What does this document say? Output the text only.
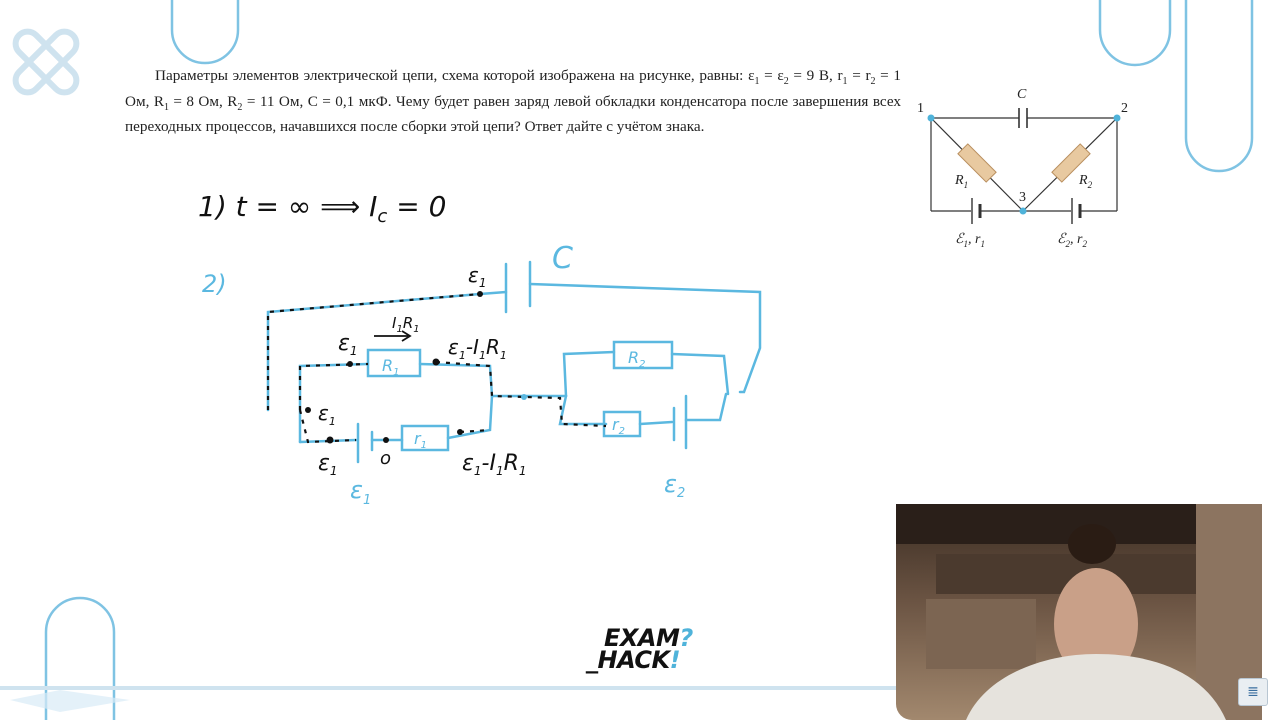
Параметры элементов электрической цепи, схема которой изображена на рисунке, равны: $\varepsilon_1 = \varepsilon_2 = 9$ В, $r_1 = r_2 = 1$ Ом, $R_1 = 8$ Ом, $R_2 = 11$ Ом, C = 0,1 мкФ. Чему будет равен заряд левой обкладки конденсатора после завершения всех переходных процессов, начавшихся после сборки этой цепи? Ответ дайте с учётом знака.
1	2
3
C
$R_1$	$R_2$
ℰ$_1$, $r_1$	ℰ$_2$, $r_2$
1) t = ∞ ⟹ $I_c = 0$
2)	$\varepsilon_1$
$I_1R_1$
$\varepsilon_1$	$\varepsilon_1-I_1R_1$
$\varepsilon_1$
$\varepsilon_1$
o	$\varepsilon_1-I_1R_1$
C
$R_1$
$R_2$
$r_1$
$r_2$
$\varepsilon_1$
$\varepsilon_2$
EXAM?
_HACK!
≣
